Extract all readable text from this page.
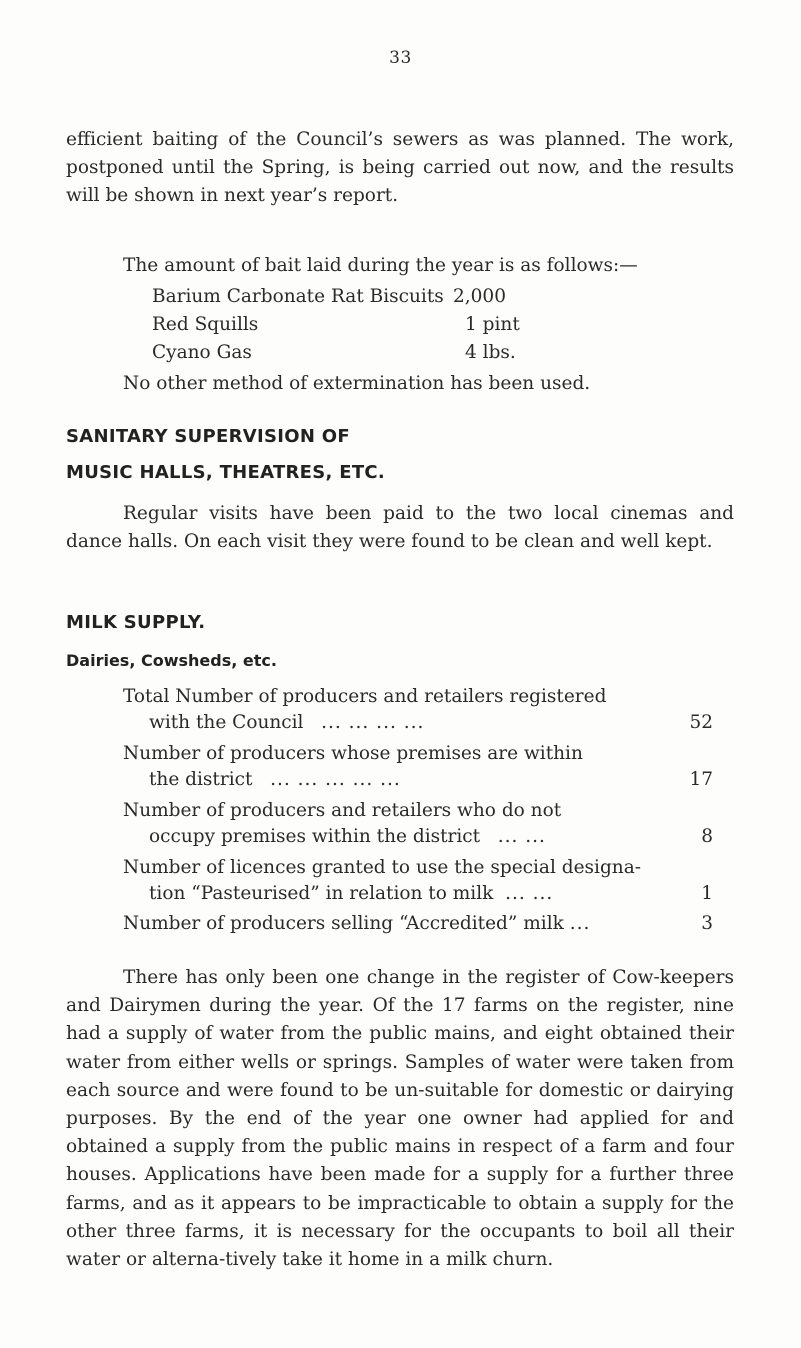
33
efficient baiting of the Council’s sewers as was planned. The work, postponed until the Spring, is being carried out now, and the results will be shown in next year’s report.
The amount of bait laid during the year is as follows:—
Barium Carbonate Rat Biscuits 2,000
Red Squills	1 pint
Cyano Gas	4 lbs.
No other method of extermination has been used.
SANITARY SUPERVISION OF
MUSIC HALLS, THEATRES, ETC.
Regular visits have been paid to the two local cinemas and dance halls. On each visit they were found to be clean and well kept.
MILK SUPPLY.
Dairies, Cowsheds, etc.
Total Number of producers and retailers registered
with the Council ... ... ... ...	52
Number of producers whose premises are within
the district ... ... ... ... ...	17
Number of producers and retailers who do not
occupy premises within the district ... ...	8
Number of licences granted to use the special designa-
tion “Pasteurised” in relation to milk ... ...	1
Number of producers selling “Accredited” milk ...	3
There has only been one change in the register of Cow-keepers and Dairymen during the year. Of the 17 farms on the register, nine had a supply of water from the public mains, and eight obtained their water from either wells or springs. Samples of water were taken from each source and were found to be un-suitable for domestic or dairying purposes. By the end of the year one owner had applied for and obtained a supply from the public mains in respect of a farm and four houses. Applications have been made for a supply for a further three farms, and as it appears to be impracticable to obtain a supply for the other three farms, it is necessary for the occupants to boil all their water or alterna-tively take it home in a milk churn.
